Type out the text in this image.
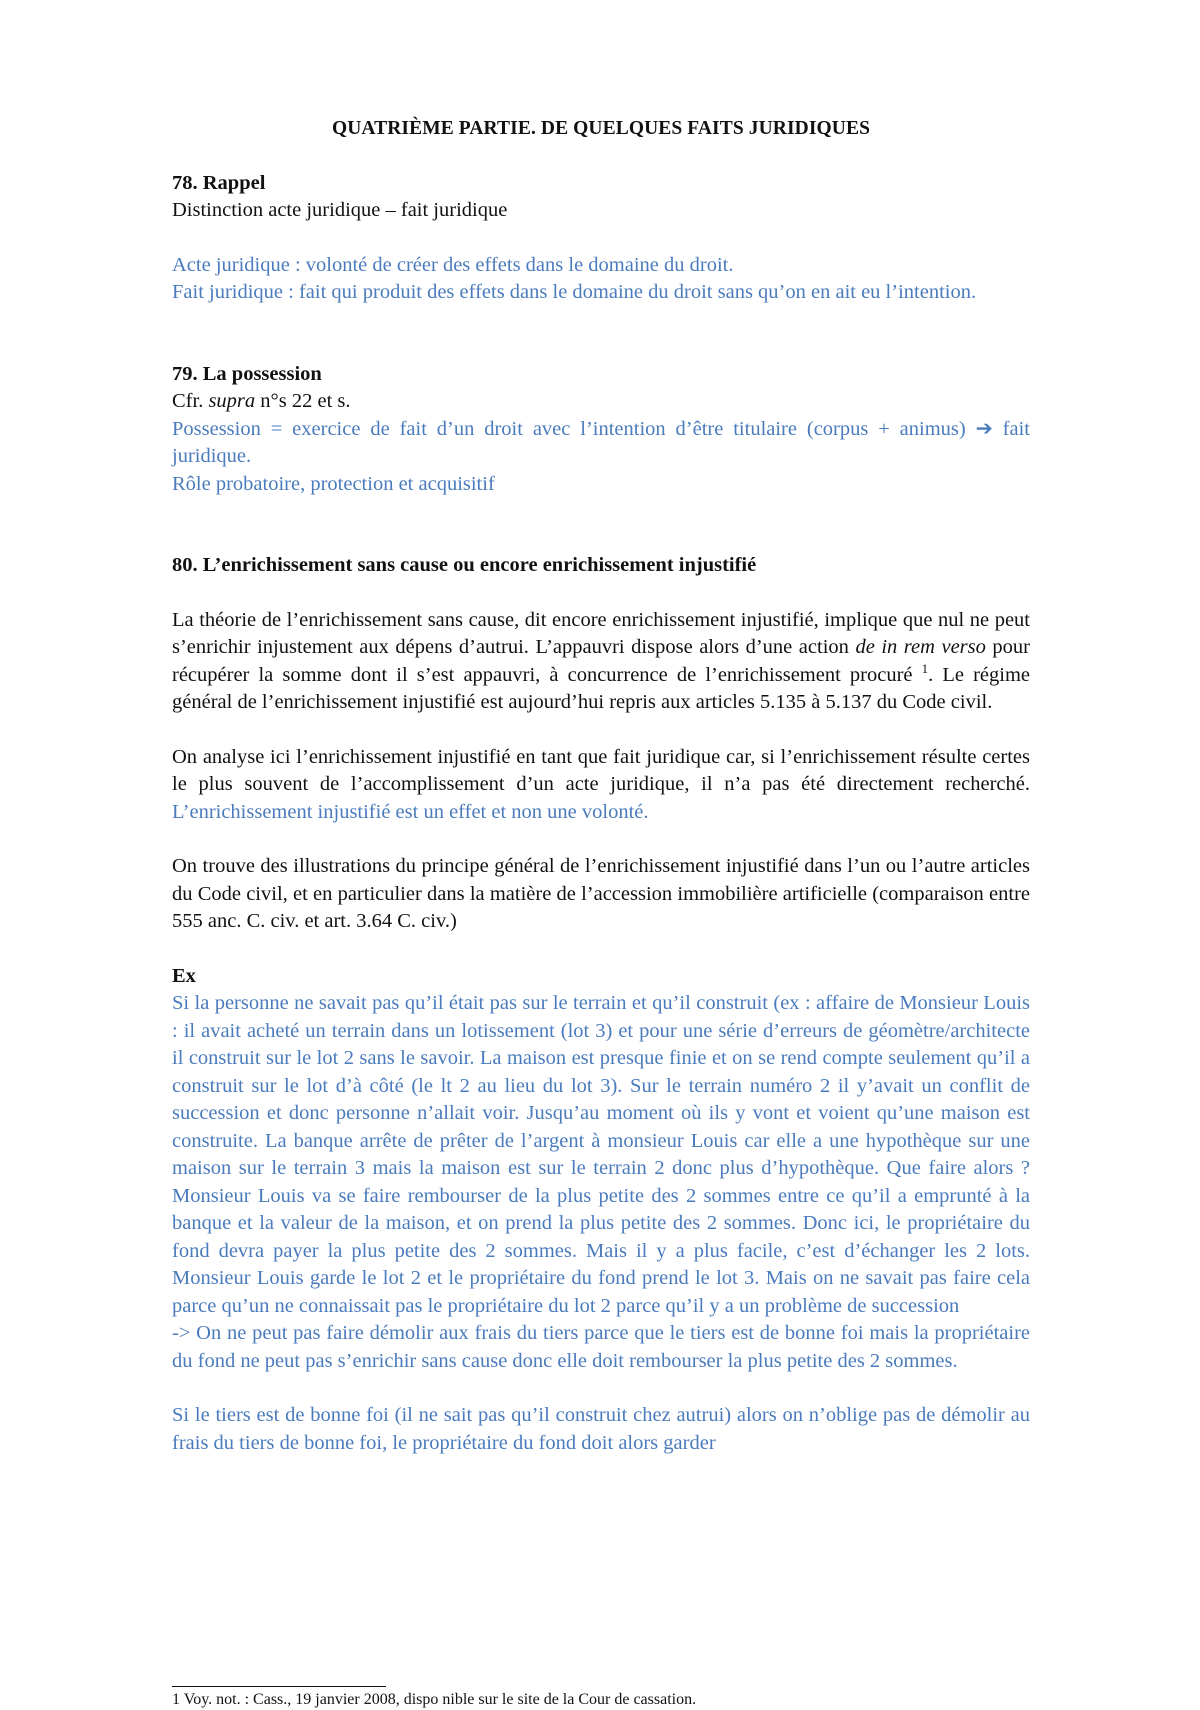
QUATRIÈME PARTIE. DE QUELQUES FAITS JURIDIQUES

78. Rappel

Distinction acte juridique – fait juridique

Acte juridique : volonté de créer des effets dans le domaine du droit.

Fait juridique : fait qui produit des effets dans le domaine du droit sans qu’on en ait eu l’intention.

79. La possession

Cfr. supra n°s 22 et s.

Possession = exercice de fait d’un droit avec l’intention d’être titulaire (corpus + animus) ➔ fait juridique.

Rôle probatoire, protection et acquisitif

80. L’enrichissement sans cause ou encore enrichissement injustifié

La théorie de l’enrichissement sans cause, dit encore enrichissement injustifié, implique que nul ne peut s’enrichir injustement aux dépens d’autrui. L’appauvri dispose alors d’une action de in rem verso pour récupérer la somme dont il s’est appauvri, à concurrence de l’enrichissement procuré $^1$. Le régime général de l’enrichissement injustifié est aujourd’hui repris aux articles 5.135 à 5.137 du Code civil.

On analyse ici l’enrichissement injustifié en tant que fait juridique car, si l’enrichissement résulte certes le plus souvent de l’accomplissement d’un acte juridique, il n’a pas été directement recherché. L’enrichissement injustifié est un effet et non une volonté.

On trouve des illustrations du principe général de l’enrichissement injustifié dans l’un ou l’autre articles du Code civil, et en particulier dans la matière de l’accession immobilière artificielle (comparaison entre 555 anc. C. civ. et art. 3.64 C. civ.)

Ex

Si la personne ne savait pas qu’il était pas sur le terrain et qu’il construit (ex : affaire de Monsieur Louis : il avait acheté un terrain dans un lotissement (lot 3) et pour une série d’erreurs de géomètre/architecte il construit sur le lot 2 sans le savoir. La maison est presque finie et on se rend compte seulement qu’il a construit sur le lot d’à côté (le lt 2 au lieu du lot 3). Sur le terrain numéro 2 il y’avait un conflit de succession et donc personne n’allait voir. Jusqu’au moment où ils y vont et voient qu’une maison est construite. La banque arrête de prêter de l’argent à monsieur Louis car elle a une hypothèque sur une maison sur le terrain 3 mais la maison est sur le terrain 2 donc plus d’hypothèque. Que faire alors ? Monsieur Louis va se faire rembourser de la plus petite des 2 sommes entre ce qu’il a emprunté à la banque et la valeur de la maison, et on prend la plus petite des 2 sommes. Donc ici, le propriétaire du fond devra payer la plus petite des 2 sommes. Mais il y a plus facile, c’est d’échanger les 2 lots. Monsieur Louis garde le lot 2 et le propriétaire du fond prend le lot 3. Mais on ne savait pas faire cela parce qu’un ne connaissait pas le propriétaire du lot 2 parce qu’il y a un problème de succession

-> On ne peut pas faire démolir aux frais du tiers parce que le tiers est de bonne foi mais la propriétaire du fond ne peut pas s’enrichir sans cause donc elle doit rembourser la plus petite des 2 sommes.

Si le tiers est de bonne foi (il ne sait pas qu’il construit chez autrui) alors on n’oblige pas de démolir au frais du tiers de bonne foi, le propriétaire du fond doit alors garder

1 Voy. not. : Cass., 19 janvier 2008, dispo nible sur le site de la Cour de cassation.
